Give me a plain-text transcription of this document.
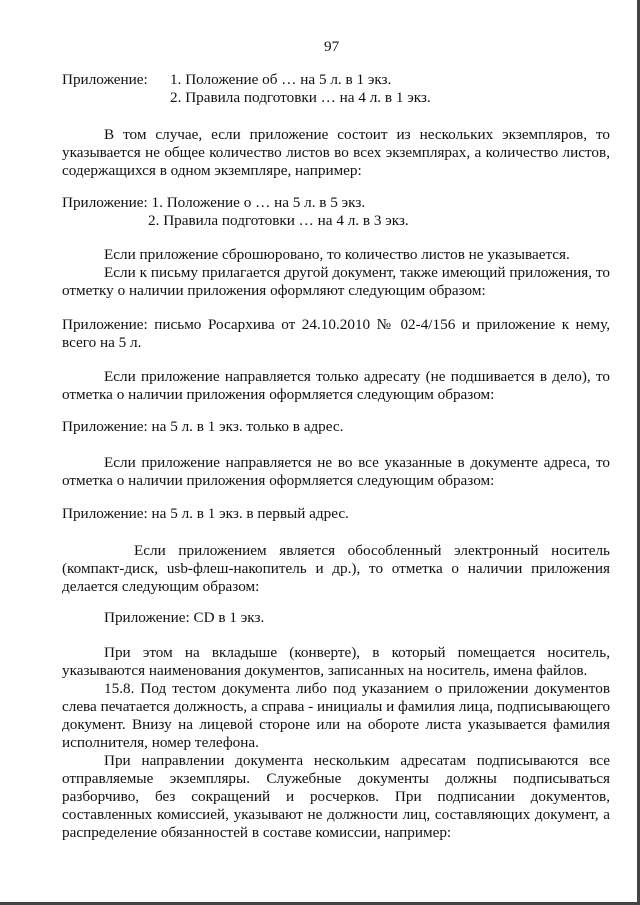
97
Приложение: 1. Положение об … на 5 л. в 1 экз.
2. Правила подготовки … на 4 л. в 1 экз.
В том случае, если приложение состоит из нескольких экземпляров, то
указывается не общее количество листов во всех экземплярах, а количество листов,
содержащихся в одном экземпляре, например:
Приложение: 1. Положение о … на 5 л. в 5 экз.
2. Правила подготовки … на 4 л. в 3 экз.
Если приложение сброшюровано, то количество листов не указывается.
Если к письму прилагается другой документ, также имеющий приложения, то
отметку о наличии приложения оформляют следующим образом:
Приложение: письмо Росархива от 24.10.2010 № 02-4/156 и приложение к нему,
всего на 5 л.
Если приложение направляется только адресату (не подшивается в дело), то
отметка о наличии приложения оформляется следующим образом:
Приложение: на 5 л. в 1 экз. только в адрес.
Если приложение направляется не во все указанные в документе адреса, то
отметка о наличии приложения оформляется следующим образом:
Приложение: на 5 л. в 1 экз. в первый адрес.
Если приложением является обособленный электронный носитель
(компакт-диск, usb-флеш-накопитель и др.), то отметка о наличии приложения
делается следующим образом:
Приложение: CD в 1 экз.
При этом на вкладыше (конверте), в который помещается носитель,
указываются наименования документов, записанных на носитель, имена файлов.
15.8. Под тестом документа либо под указанием о приложении документов
слева печатается должность, а справа - инициалы и фамилия лица, подписывающего
документ. Внизу на лицевой стороне или на обороте листа указывается фамилия
исполнителя, номер телефона.
При направлении документа нескольким адресатам подписываются все
отправляемые экземпляры. Служебные документы должны подписываться
разборчиво, без сокращений и росчерков. При подписании документов,
составленных комиссией, указывают не должности лиц, составляющих документ, а
распределение обязанностей в составе комиссии, например:
